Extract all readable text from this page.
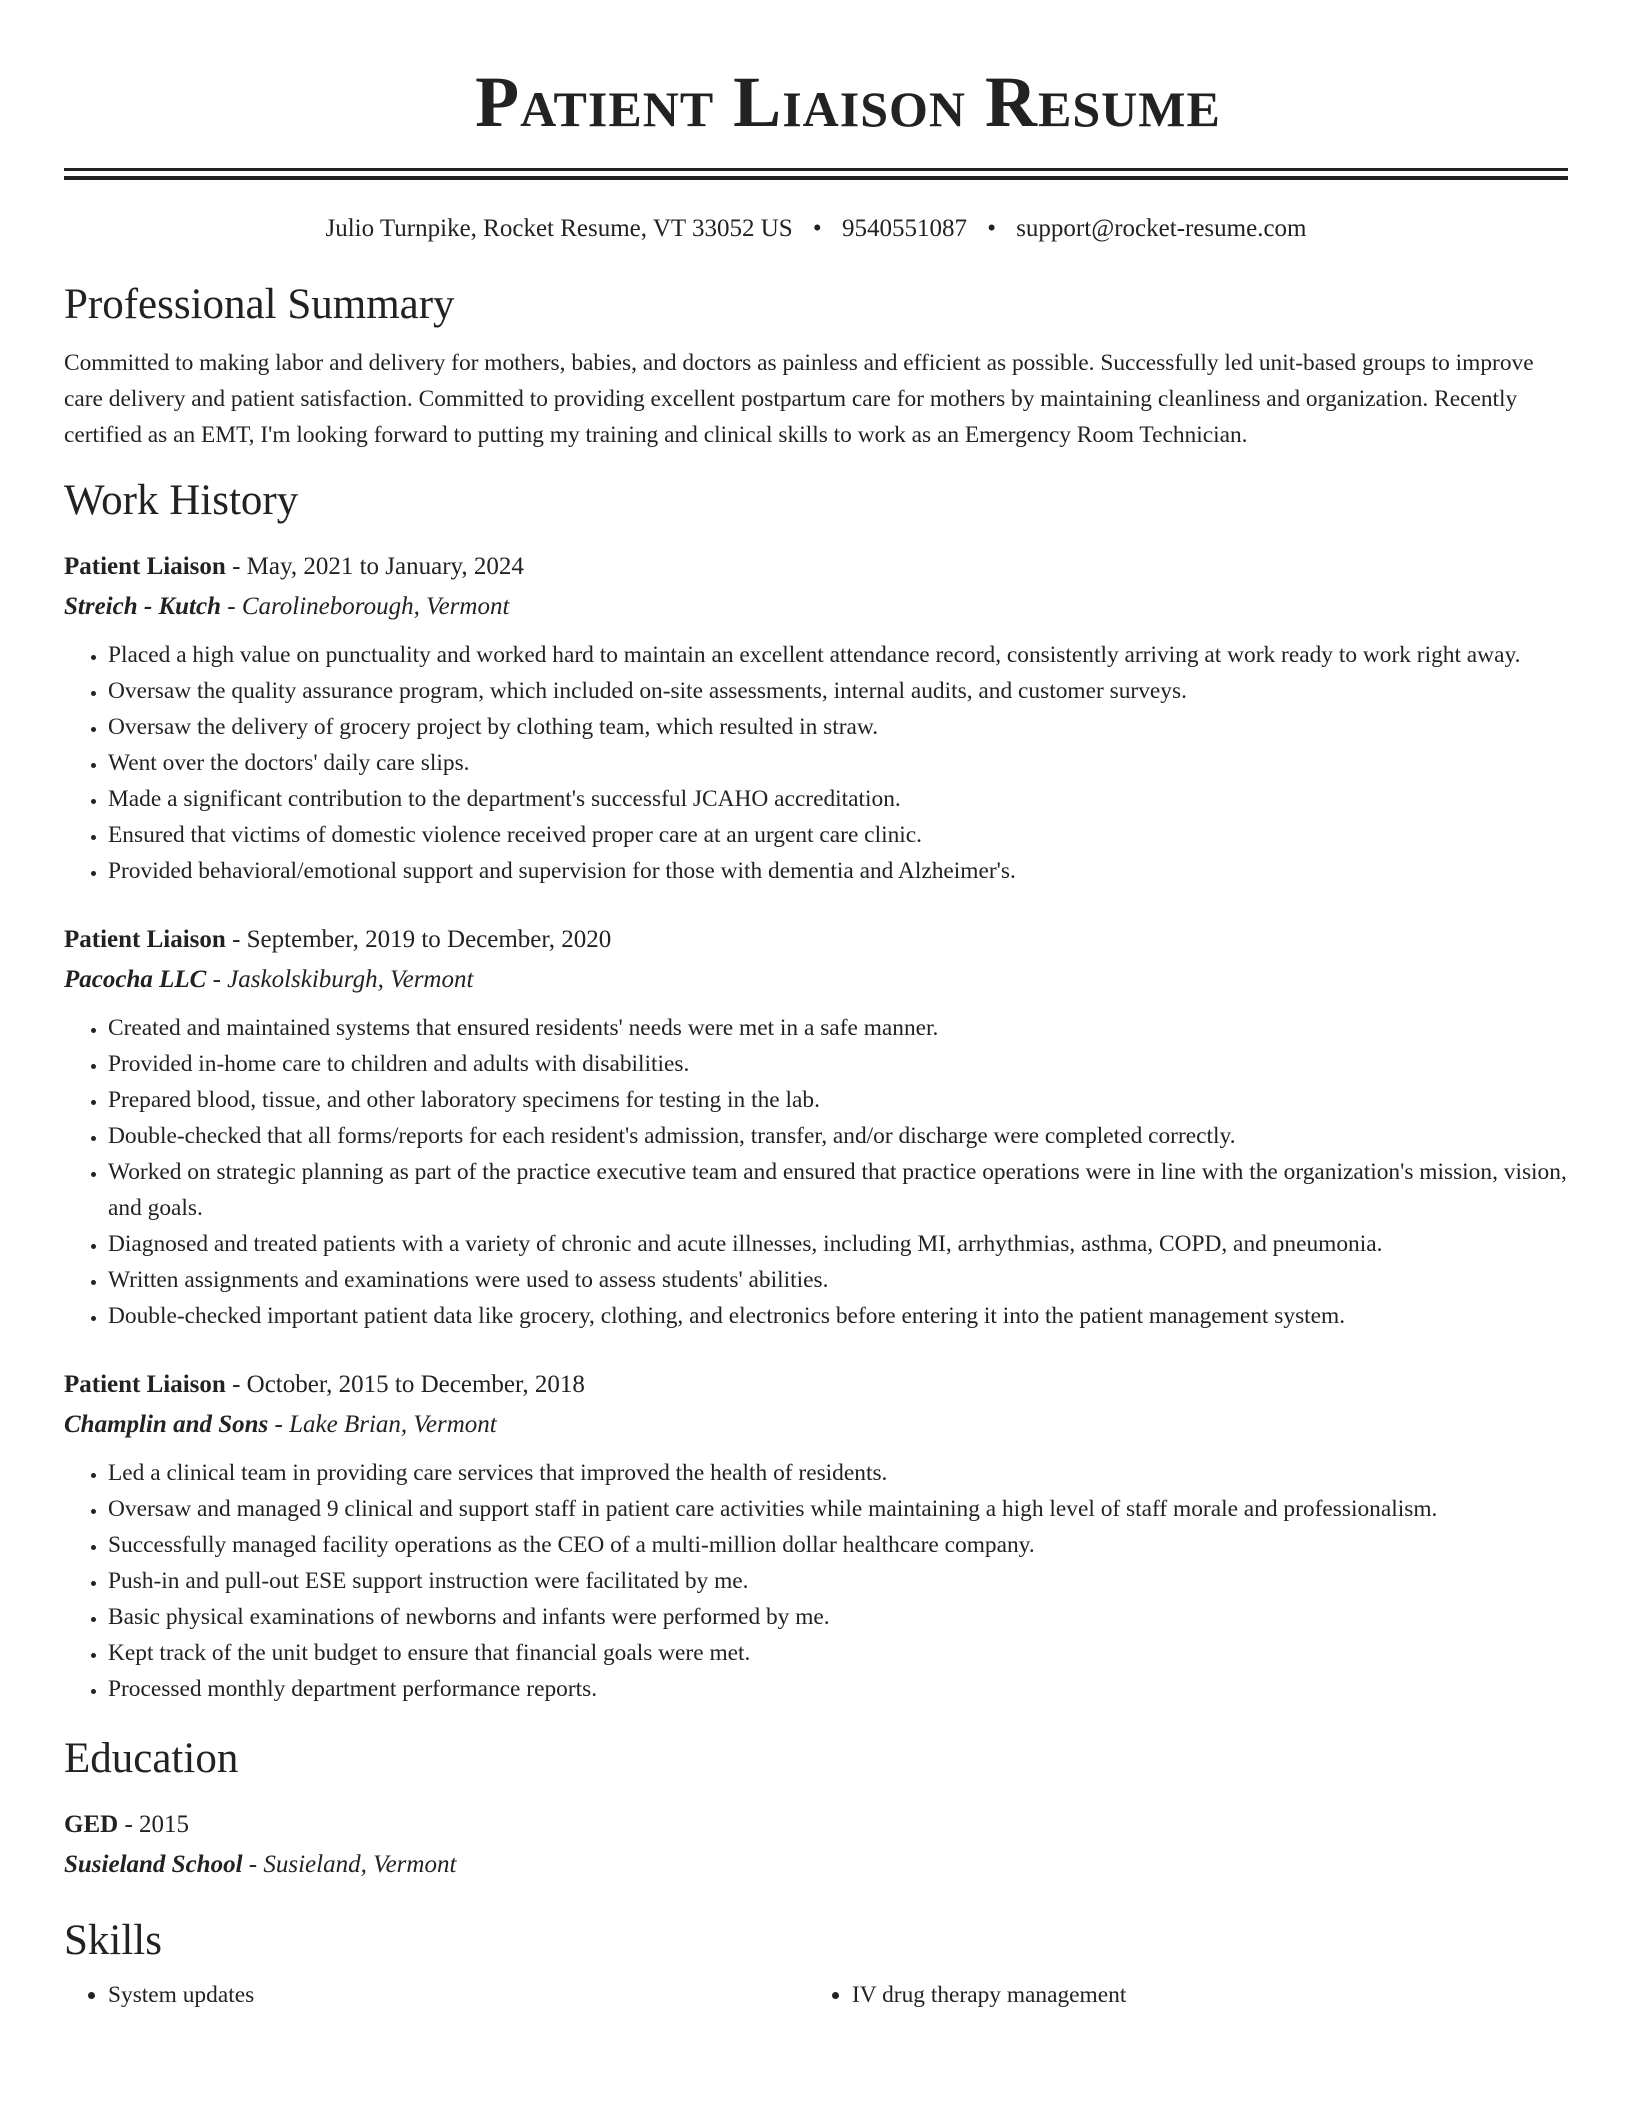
Patient Liaison Resume
Julio Turnpike, Rocket Resume, VT 33052 US • 9540551087 • support@rocket-resume.com
Professional Summary
Committed to making labor and delivery for mothers, babies, and doctors as painless and efficient as possible. Successfully led unit-based groups to improve care delivery and patient satisfaction. Committed to providing excellent postpartum care for mothers by maintaining cleanliness and organization. Recently certified as an EMT, I'm looking forward to putting my training and clinical skills to work as an Emergency Room Technician.
Work History
Patient Liaison - May, 2021 to January, 2024
Streich - Kutch - Carolineborough, Vermont
• Placed a high value on punctuality and worked hard to maintain an excellent attendance record, consistently arriving at work ready to work right away.
• Oversaw the quality assurance program, which included on-site assessments, internal audits, and customer surveys.
• Oversaw the delivery of grocery project by clothing team, which resulted in straw.
• Went over the doctors' daily care slips.
• Made a significant contribution to the department's successful JCAHO accreditation.
• Ensured that victims of domestic violence received proper care at an urgent care clinic.
• Provided behavioral/emotional support and supervision for those with dementia and Alzheimer's.
Patient Liaison - September, 2019 to December, 2020
Pacocha LLC - Jaskolskiburgh, Vermont
• Created and maintained systems that ensured residents' needs were met in a safe manner.
• Provided in-home care to children and adults with disabilities.
• Prepared blood, tissue, and other laboratory specimens for testing in the lab.
• Double-checked that all forms/reports for each resident's admission, transfer, and/or discharge were completed correctly.
• Worked on strategic planning as part of the practice executive team and ensured that practice operations were in line with the organization's mission, vision, and goals.
• Diagnosed and treated patients with a variety of chronic and acute illnesses, including MI, arrhythmias, asthma, COPD, and pneumonia.
• Written assignments and examinations were used to assess students' abilities.
• Double-checked important patient data like grocery, clothing, and electronics before entering it into the patient management system.
Patient Liaison - October, 2015 to December, 2018
Champlin and Sons - Lake Brian, Vermont
• Led a clinical team in providing care services that improved the health of residents.
• Oversaw and managed 9 clinical and support staff in patient care activities while maintaining a high level of staff morale and professionalism.
• Successfully managed facility operations as the CEO of a multi-million dollar healthcare company.
• Push-in and pull-out ESE support instruction were facilitated by me.
• Basic physical examinations of newborns and infants were performed by me.
• Kept track of the unit budget to ensure that financial goals were met.
• Processed monthly department performance reports.
Education
GED - 2015
Susieland School - Susieland, Vermont
Skills
• System updates
•	IV drug therapy management
